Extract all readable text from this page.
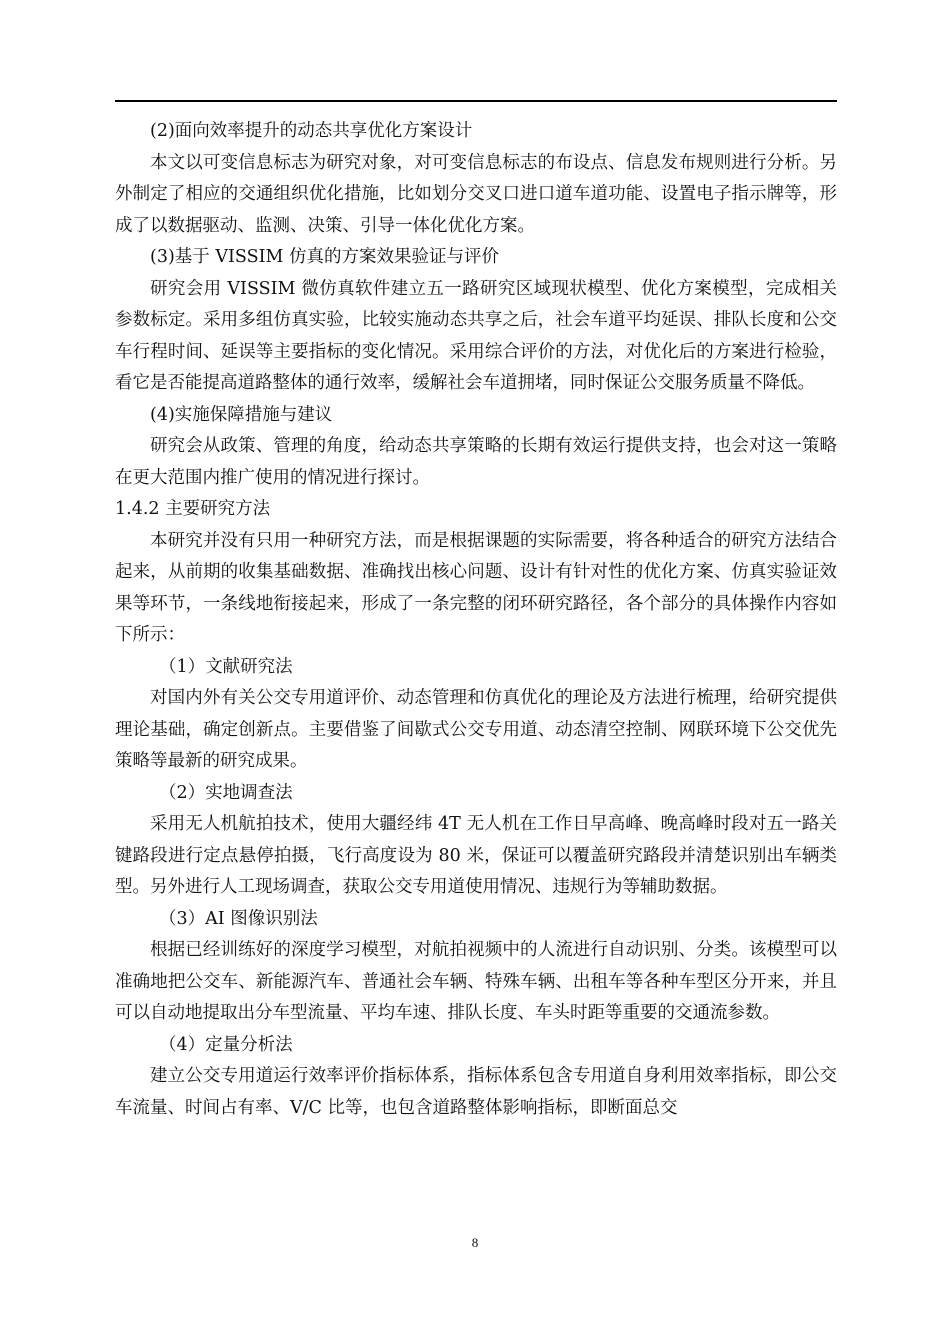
(2)面向效率提升的动态共享优化方案设计

本文以可变信息标志为研究对象，对可变信息标志的布设点、信息发布规则进行分析。另外制定了相应的交通组织优化措施，比如划分交叉口进口道车道功能、设置电子指示牌等，形成了以数据驱动、监测、决策、引导一体化优化方案。

(3)基于 VISSIM 仿真的方案效果验证与评价

研究会用 VISSIM 微仿真软件建立五一路研究区域现状模型、优化方案模型，完成相关参数标定。采用多组仿真实验，比较实施动态共享之后，社会车道平均延误、排队长度和公交车行程时间、延误等主要指标的变化情况。采用综合评价的方法，对优化后的方案进行检验，看它是否能提高道路整体的通行效率，缓解社会车道拥堵，同时保证公交服务质量不降低。

(4)实施保障措施与建议

研究会从政策、管理的角度，给动态共享策略的长期有效运行提供支持，也会对这一策略在更大范围内推广使用的情况进行探讨。

1.4.2 主要研究方法

本研究并没有只用一种研究方法，而是根据课题的实际需要，将各种适合的研究方法结合起来，从前期的收集基础数据、准确找出核心问题、设计有针对性的优化方案、仿真实验证效果等环节，一条线地衔接起来，形成了一条完整的闭环研究路径，各个部分的具体操作内容如下所示：

（1）文献研究法

对国内外有关公交专用道评价、动态管理和仿真优化的理论及方法进行梳理，给研究提供理论基础，确定创新点。主要借鉴了间歇式公交专用道、动态清空控制、网联环境下公交优先策略等最新的研究成果。

（2）实地调查法

采用无人机航拍技术，使用大疆经纬 4T 无人机在工作日早高峰、晚高峰时段对五一路关键路段进行定点悬停拍摄，飞行高度设为 80 米，保证可以覆盖研究路段并清楚识别出车辆类型。另外进行人工现场调查，获取公交专用道使用情况、违规行为等辅助数据。

（3）AI 图像识别法

根据已经训练好的深度学习模型，对航拍视频中的人流进行自动识别、分类。该模型可以准确地把公交车、新能源汽车、普通社会车辆、特殊车辆、出租车等各种车型区分开来，并且可以自动地提取出分车型流量、平均车速、排队长度、车头时距等重要的交通流参数。

（4）定量分析法

建立公交专用道运行效率评价指标体系，指标体系包含专用道自身利用效率指标，即公交车流量、时间占有率、V/C 比等，也包含道路整体影响指标，即断面总交

8
